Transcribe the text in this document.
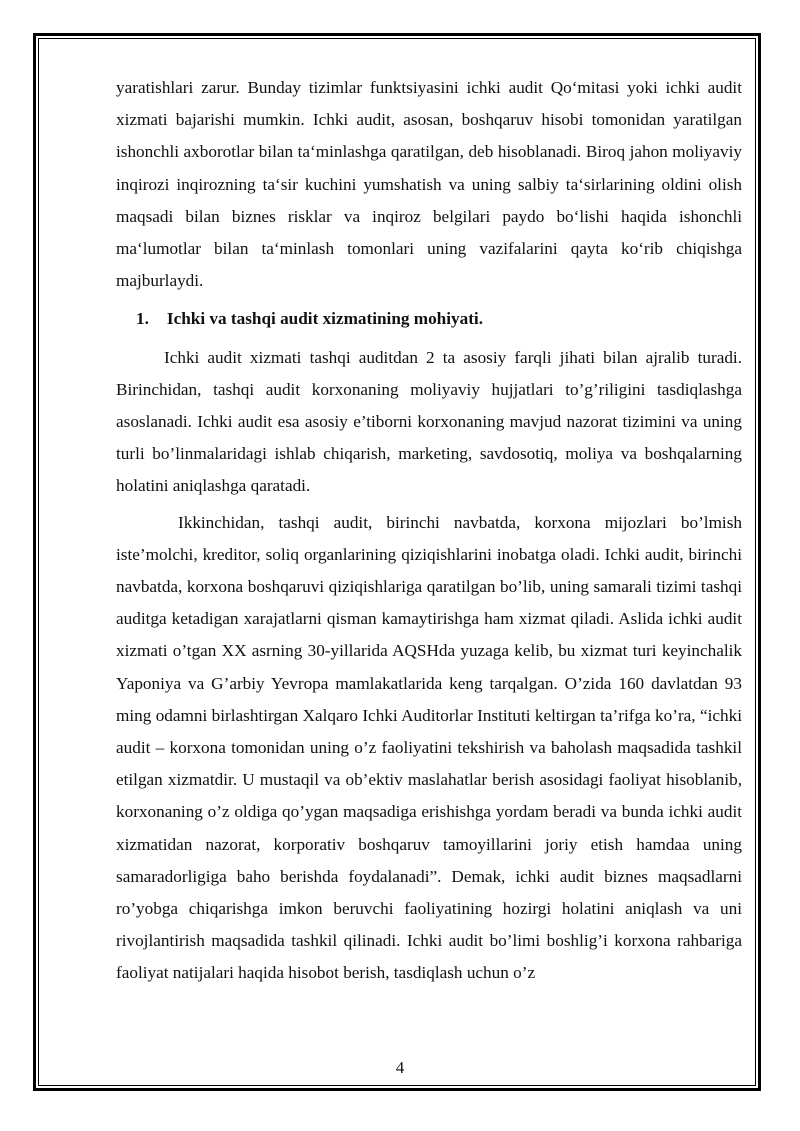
yaratishlari zarur. Bunday tizimlar funktsiyasini ichki audit Qoʻmitasi yoki ichki audit xizmati bajarishi mumkin. Ichki audit, asosan, boshqaruv hisobi tomonidan yaratilgan ishonchli axborotlar bilan taʻminlashga qaratilgan, deb hisoblanadi. Biroq jahon moliyaviy inqirozi inqirozning taʻsir kuchini yumshatish va uning salbiy taʻsirlarining oldini olish maqsadi bilan biznes risklar va inqiroz belgilari paydo boʻlishi haqida ishonchli maʻlumotlar bilan taʻminlash tomonlari uning vazifalarini qayta koʻrib chiqishga majburlaydi.

1. Ichki va tashqi audit xizmatining mohiyati.

Ichki audit xizmati tashqi auditdan 2 ta asosiy farqli jihati bilan ajralib turadi. Birinchidan, tashqi audit korxonaning moliyaviy hujjatlari to’g’riligini tasdiqlashga asoslanadi. Ichki audit esa asosiy e’tiborni korxonaning mavjud nazorat tizimini va uning turli bo’linmalaridagi ishlab chiqarish, marketing, savdosotiq, moliya va boshqalarning holatini aniqlashga qaratadi.

Ikkinchidan, tashqi audit, birinchi navbatda, korxona mijozlari bo’lmish iste’molchi, kreditor, soliq organlarining qiziqishlarini inobatga oladi. Ichki audit, birinchi navbatda, korxona boshqaruvi qiziqishlariga qaratilgan bo’lib, uning samarali tizimi tashqi auditga ketadigan xarajatlarni qisman kamaytirishga ham xizmat qiladi. Aslida ichki audit xizmati o’tgan XX asrning 30-yillarida AQSHda yuzaga kelib, bu xizmat turi keyinchalik Yaponiya va G’arbiy Yevropa mamlakatlarida keng tarqalgan. O’zida 160 davlatdan 93 ming odamni birlashtirgan Xalqaro Ichki Auditorlar Instituti keltirgan ta’rifga ko’ra, “ichki audit – korxona tomonidan uning o’z faoliyatini tekshirish va baholash maqsadida tashkil etilgan xizmatdir. U mustaqil va ob’ektiv maslahatlar berish asosidagi faoliyat hisoblanib, korxonaning o’z oldiga qo’ygan maqsadiga erishishga yordam beradi va bunda ichki audit xizmatidan nazorat, korporativ boshqaruv tamoyillarini joriy etish hamdaa uning samaradorligiga baho berishda foydalanadi”. Demak, ichki audit biznes maqsadlarni ro’yobga chiqarishga imkon beruvchi faoliyatining hozirgi holatini aniqlash va uni rivojlantirish maqsadida tashkil qilinadi. Ichki audit bo’limi boshlig’i korxona rahbariga faoliyat natijalari haqida hisobot berish, tasdiqlash uchun o’z

4
